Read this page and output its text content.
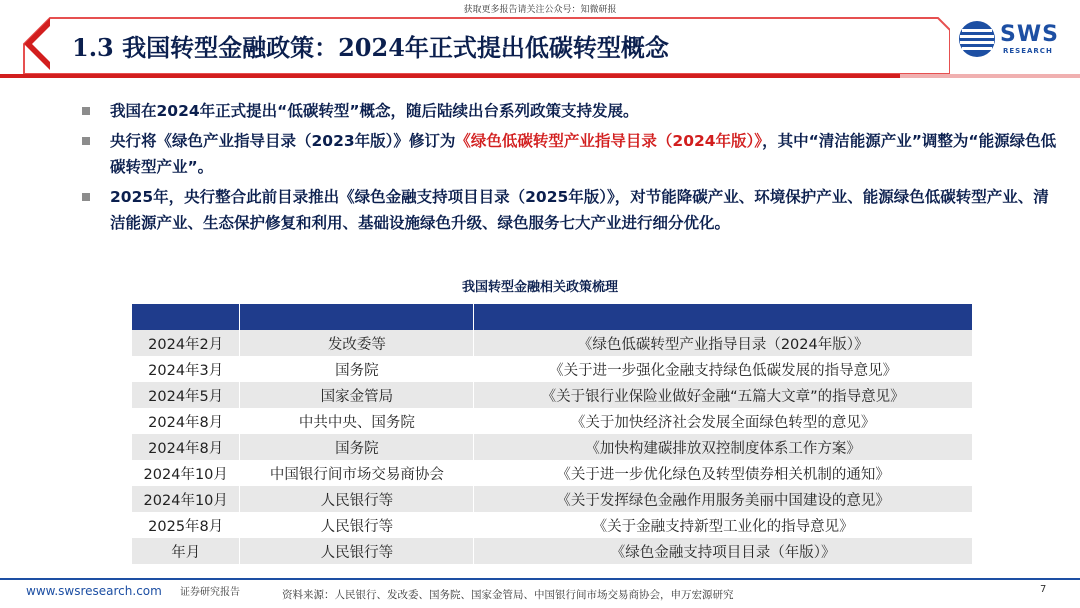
获取更多报告请关注公众号：知微研报
1.3 我国转型金融政策：2024年正式提出低碳转型概念	SWS
RESEARCH
我国在2024年正式提出“低碳转型”概念，随后陆续出台系列政策支持发展。
央行将《绿色产业指导目录（2023年版）》修订为《绿色低碳转型产业指导目录（2024年版）》，其中“清洁能源产业”调整为“能源绿色低碳转型产业”。
2025年，央行整合此前目录推出《绿色金融支持项目目录（2025年版）》，对节能降碳产业、环境保护产业、能源绿色低碳转型产业、清洁能源产业、生态保护修复和利用、基础设施绿色升级、绿色服务七大产业进行细分优化。
我国转型金融相关政策梳理

2024年2月	发改委等	《绿色低碳转型产业指导目录（2024年版）》
2024年3月	国务院	《关于进一步强化金融支持绿色低碳发展的指导意见》
2024年5月	国家金管局	《关于银行业保险业做好金融“五篇大文章”的指导意见》
2024年8月	中共中央、国务院	《关于加快经济社会发展全面绿色转型的意见》
2024年8月	国务院	《加快构建碳排放双控制度体系工作方案》
2024年10月	中国银行间市场交易商协会	《关于进一步优化绿色及转型债券相关机制的通知》
2024年10月	人民银行等	《关于发挥绿色金融作用服务美丽中国建设的意见》
2025年8月	人民银行等	《关于金融支持新型工业化的指导意见》
年月	人民银行等	《绿色金融支持项目目录（年版）》
www.swsresearch.com 证券研究报告	资料来源：人民银行、发改委、国务院、国家金管局、中国银行间市场交易商协会，申万宏源研究	7
